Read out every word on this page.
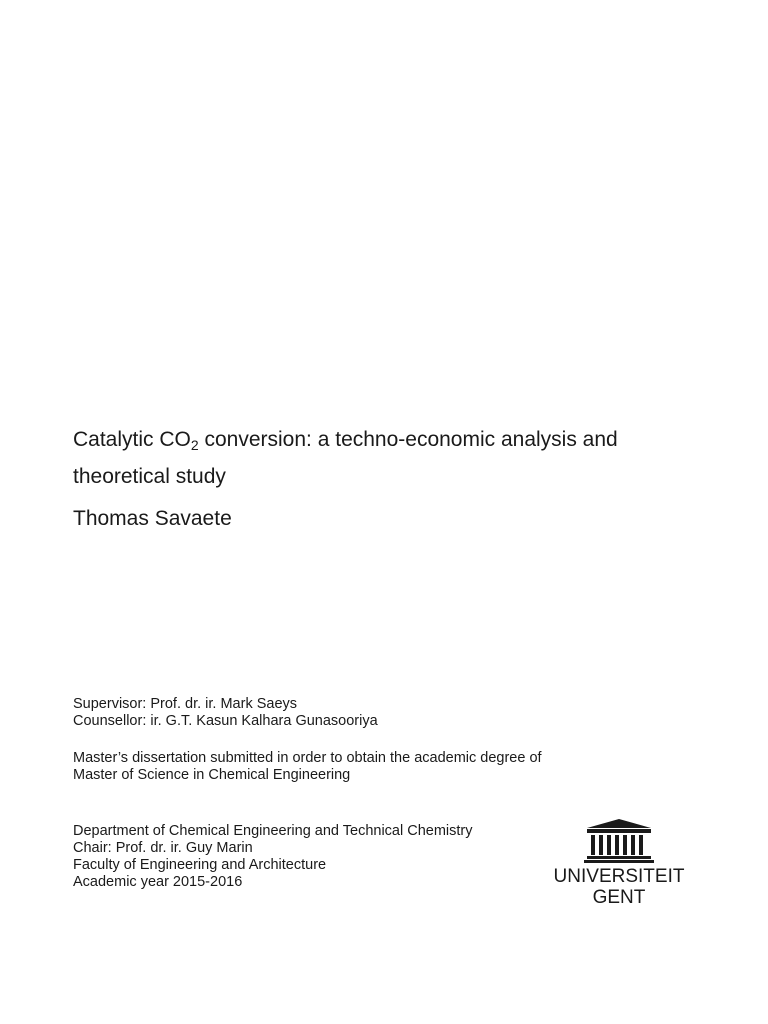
Catalytic $CO_2$ conversion: a techno-economic analysis and theoretical study
Thomas Savaete
Supervisor: Prof. dr. ir. Mark Saeys
Counsellor: ir. G.T. Kasun Kalhara Gunasooriya
Master’s dissertation submitted in order to obtain the academic degree of
Master of Science in Chemical Engineering
Department of Chemical Engineering and Technical Chemistry
Chair: Prof. dr. ir. Guy Marin
Faculty of Engineering and Architecture
Academic year 2015-2016	UNIVERSITEIT
GENT
